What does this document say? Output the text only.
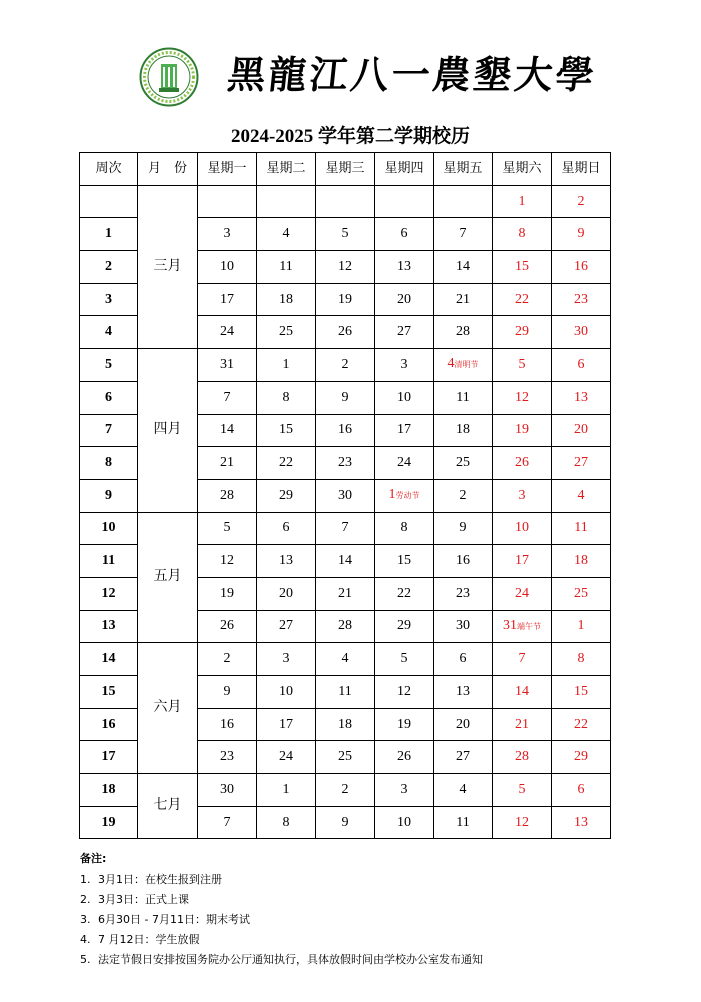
黑龍江八一農墾大學
2024-2025 学年第二学期校历
周次	月　份	星期一	星期二	星期三	星期四	星期五	星期六	星期日
	三月						1	2
1		3	4	5	6	7	8	9
2		10	11	12	13	14	15	16
3		17	18	19	20	21	22	23
4		24	25	26	27	28	29	30
5	四月	31	1	2	3	4清明节	5	6
6		7	8	9	10	11	12	13
7		14	15	16	17	18	19	20
8		21	22	23	24	25	26	27
9		28	29	30	1劳动节	2	3	4
10	五月	5	6	7	8	9	10	11
11		12	13	14	15	16	17	18
12		19	20	21	22	23	24	25
13		26	27	28	29	30	31端午节	1
14	六月	2	3	4	5	6	7	8
15		9	10	11	12	13	14	15
16		16	17	18	19	20	21	22
17		23	24	25	26	27	28	29
18	七月	30	1	2	3	4	5	6
19		7	8	9	10	11	12	13
备注:
1. 3月1日：在校生报到注册
2. 3月3日：正式上课
3. 6月30日 - 7月11日：期末考试
4. 7 月12日：学生放假
5. 法定节假日安排按国务院办公厅通知执行，具体放假时间由学校办公室发布通知
